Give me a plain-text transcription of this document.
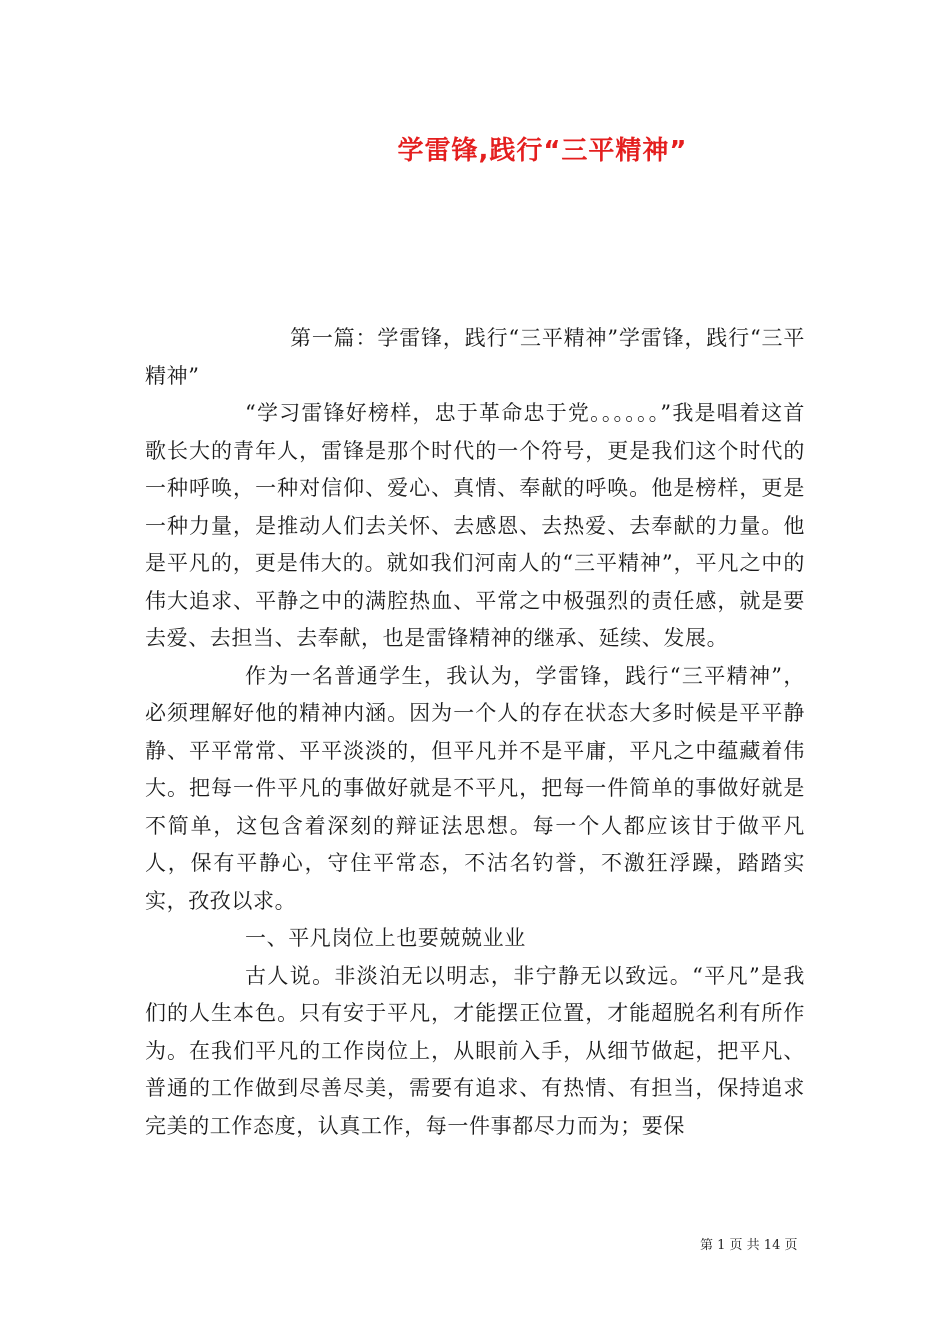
学雷锋,践行“三平精神”

第一篇：学雷锋，践行“三平精神”学雷锋，践行“三平精神”

“学习雷锋好榜样，忠于革命忠于党。。。。。。”我是唱着这首歌长大的青年人，雷锋是那个时代的一个符号，更是我们这个时代的一种呼唤，一种对信仰、爱心、真情、奉献的呼唤。他是榜样，更是一种力量，是推动人们去关怀、去感恩、去热爱、去奉献的力量。他是平凡的，更是伟大的。就如我们河南人的“三平精神”，平凡之中的伟大追求、平静之中的满腔热血、平常之中极强烈的责任感，就是要去爱、去担当、去奉献，也是雷锋精神的继承、延续、发展。

作为一名普通学生，我认为，学雷锋，践行“三平精神”，必须理解好他的精神内涵。因为一个人的存在状态大多时候是平平静静、平平常常、平平淡淡的，但平凡并不是平庸，平凡之中蕴藏着伟大。把每一件平凡的事做好就是不平凡，把每一件简单的事做好就是不简单，这包含着深刻的辩证法思想。每一个人都应该甘于做平凡人，保有平静心，守住平常态，不沽名钓誉，不激狂浮躁，踏踏实实，孜孜以求。

一、平凡岗位上也要兢兢业业

古人说。非淡泊无以明志，非宁静无以致远。“平凡”是我们的人生本色。只有安于平凡，才能摆正位置，才能超脱名利有所作为。在我们平凡的工作岗位上，从眼前入手，从细节做起，把平凡、普通的工作做到尽善尽美，需要有追求、有热情、有担当，保持追求完美的工作态度，认真工作，每一件事都尽力而为；要保

第 1 页 共 14 页
